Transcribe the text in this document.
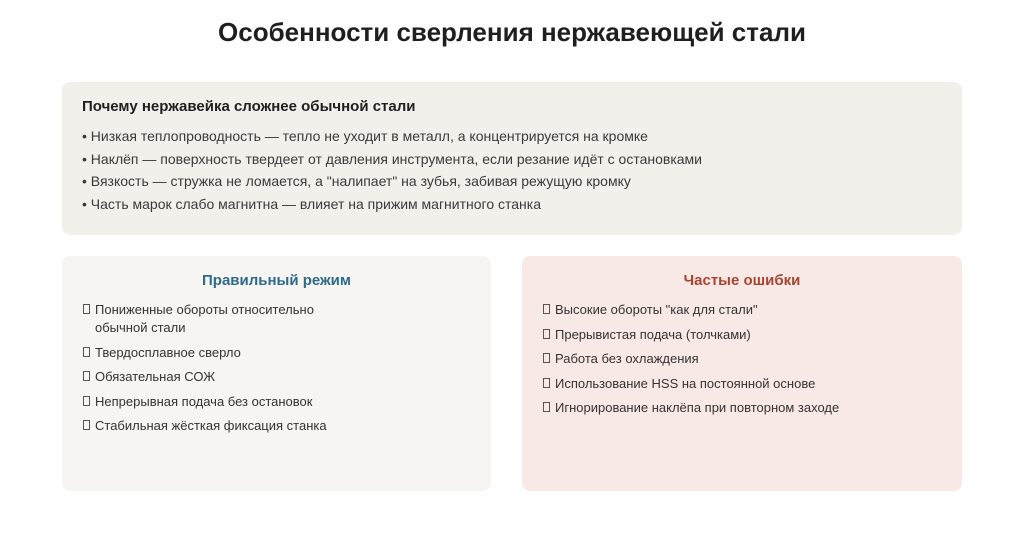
Особенности сверления нержавеющей стали
Почему нержавейка сложнее обычной стали
• Низкая теплопроводность — тепло не уходит в металл, а концентрируется на кромке
• Наклёп — поверхность твердеет от давления инструмента, если резание идёт с остановками
• Вязкость — стружка не ломается, а "налипает" на зубья, забивая режущую кромку
• Часть марок слабо магнитна — влияет на прижим магнитного станка
Правильный режим
Пониженные обороты относительно обычной стали
Твердосплавное сверло
Обязательная СОЖ
Непрерывная подача без остановок
Стабильная жёсткая фиксация станка
Частые ошибки
Высокие обороты "как для стали"
Прерывистая подача (толчками)
Работа без охлаждения
Использование HSS на постоянной основе
Игнорирование наклёпа при повторном заходе
